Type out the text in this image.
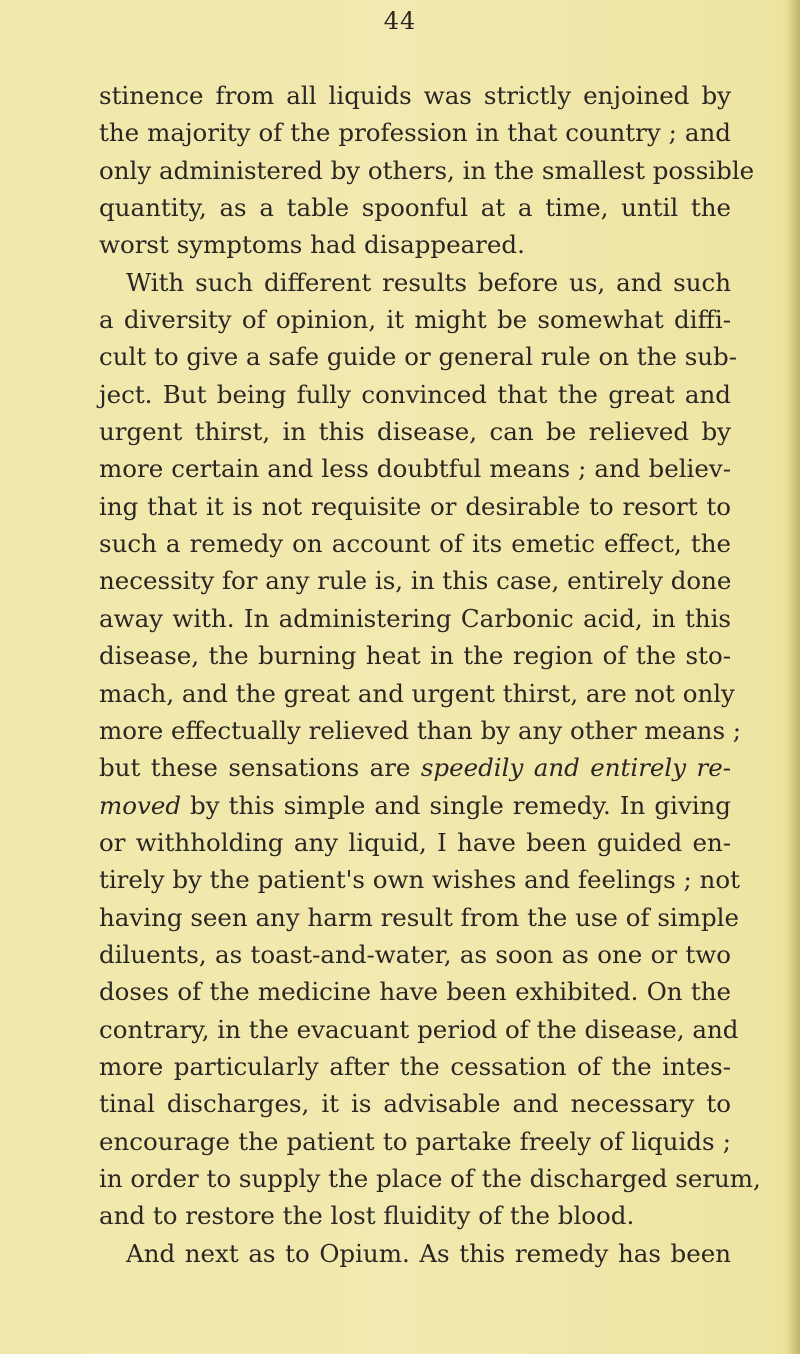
44
stinence from all liquids was strictly enjoined by
the majority of the profession in that country ; and
only administered by others, in the smallest possible
quantity, as a table spoonful at a time, until the
worst symptoms had disappeared.
With such different results before us, and such
a diversity of opinion, it might be somewhat diffi-
cult to give a safe guide or general rule on the sub-
ject. But being fully convinced that the great and
urgent thirst, in this disease, can be relieved by
more certain and less doubtful means ; and believ-
ing that it is not requisite or desirable to resort to
such a remedy on account of its emetic effect, the
necessity for any rule is, in this case, entirely done
away with. In administering Carbonic acid, in this
disease, the burning heat in the region of the sto-
mach, and the great and urgent thirst, are not only
more effectually relieved than by any other means ;
but these sensations are speedily and entirely re-
moved by this simple and single remedy. In giving
or withholding any liquid, I have been guided en-
tirely by the patient's own wishes and feelings ; not
having seen any harm result from the use of simple
diluents, as toast-and-water, as soon as one or two
doses of the medicine have been exhibited. On the
contrary, in the evacuant period of the disease, and
more particularly after the cessation of the intes-
tinal discharges, it is advisable and necessary to
encourage the patient to partake freely of liquids ;
in order to supply the place of the discharged serum,
and to restore the lost fluidity of the blood.
And next as to Opium. As this remedy has been
